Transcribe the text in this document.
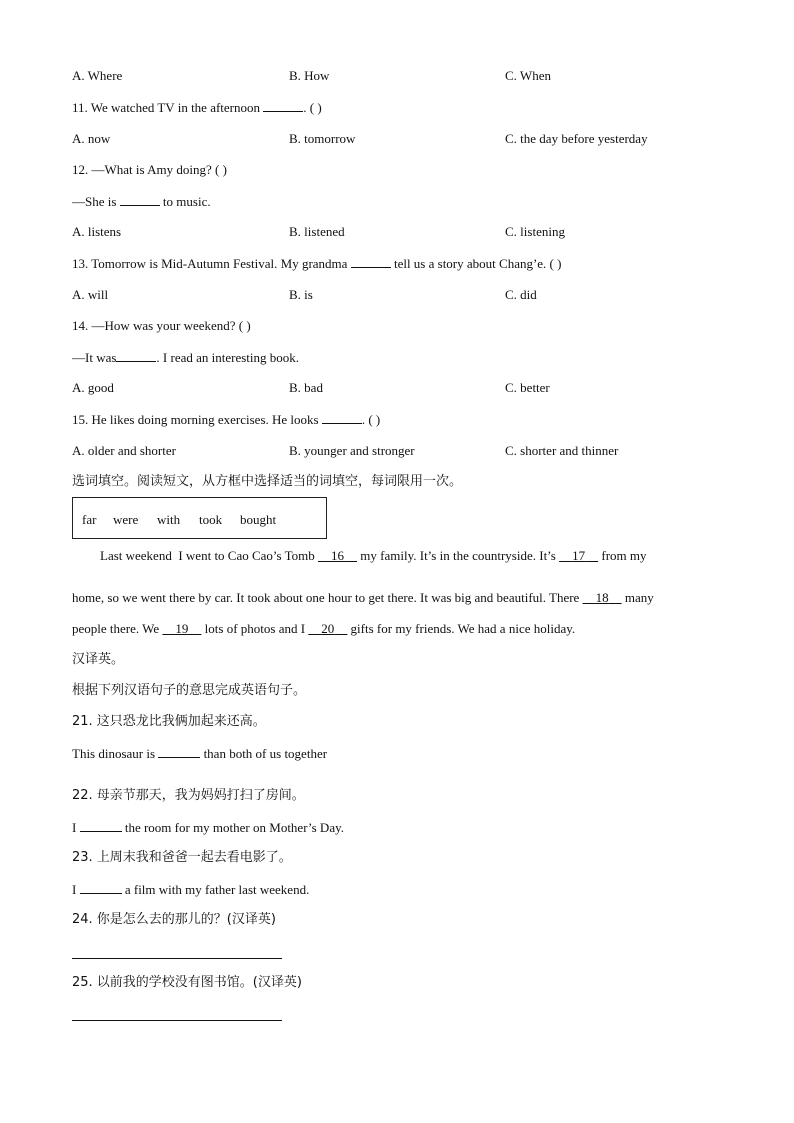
A. Where	B. How	C. When
11. We watched TV in the afternoon	. ( )
A. now	B. tomorrow	C. the day before yesterday
12. —What is Amy doing? ( )
—She is	to music.
A. listens	B. listened	C. listening
13. Tomorrow is Mid-Autumn Festival. My grandma	tell us a story about Chang’e. ( )
A. will	B. is	C. did
14. —How was your weekend? ( )
—It was	. I read an interesting book.
A. good	B. bad	C. better
15. He likes doing morning exercises. He looks	. ( )
A. older and shorter	B. younger and stronger	C. shorter and thinner
选词填空。阅读短文，从方框中选择适当的词填空，每词限用一次。
far were with took bought
Last weekend I went to Cao Cao’s Tomb     16     my family. It’s in the countryside. It’s     17     from my
home, so we went there by car. It took about one hour to get there. It was big and beautiful. There     18     many
people there. We     19     lots of photos and I     20     gifts for my friends. We had a nice holiday.
汉译英。
根据下列汉语句子的意思完成英语句子。
21. 这只恐龙比我俩加起来还高。
This dinosaur is	than both of us together
22. 母亲节那天，我为妈妈打扫了房间。
I	the room for my mother on Mother’s Day.
23. 上周末我和爸爸一起去看电影了。
I	a film with my father last weekend.
24. 你是怎么去的那儿的？(汉译英)
25. 以前我的学校没有图书馆。(汉译英)
